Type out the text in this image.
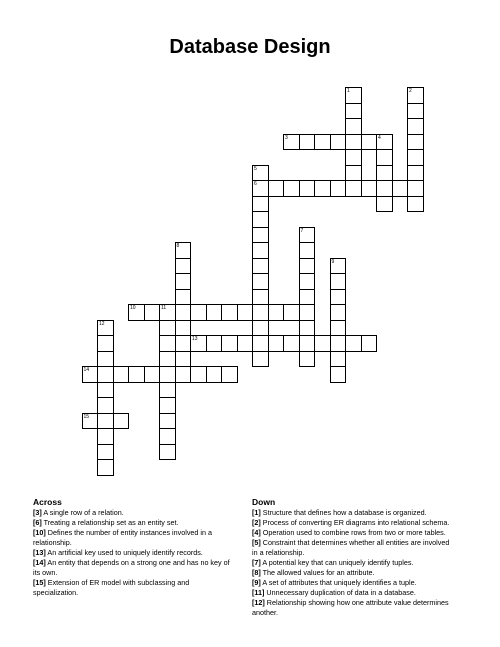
Database Design
1	2
3	4
5
6
7
8
9
10	11
12
13
14
15
Across

[3] A single row of a relation.

[6] Treating a relationship set as an entity set.

[10] Defines the number of entity instances involved in a relationship.

[13] An artificial key used to uniquely identify records.

[14] An entity that depends on a strong one and has no key of its own.

[15] Extension of ER model with subclassing and specialization.

Down

[1] Structure that defines how a database is organized.

[2] Process of converting ER diagrams into relational schema.

[4] Operation used to combine rows from two or more tables.

[5] Constraint that determines whether all entities are involved in a relationship.

[7] A potential key that can uniquely identify tuples.

[8] The allowed values for an attribute.

[9] A set of attributes that uniquely identifies a tuple.

[11] Unnecessary duplication of data in a database.

[12] Relationship showing how one attribute value determines another.
